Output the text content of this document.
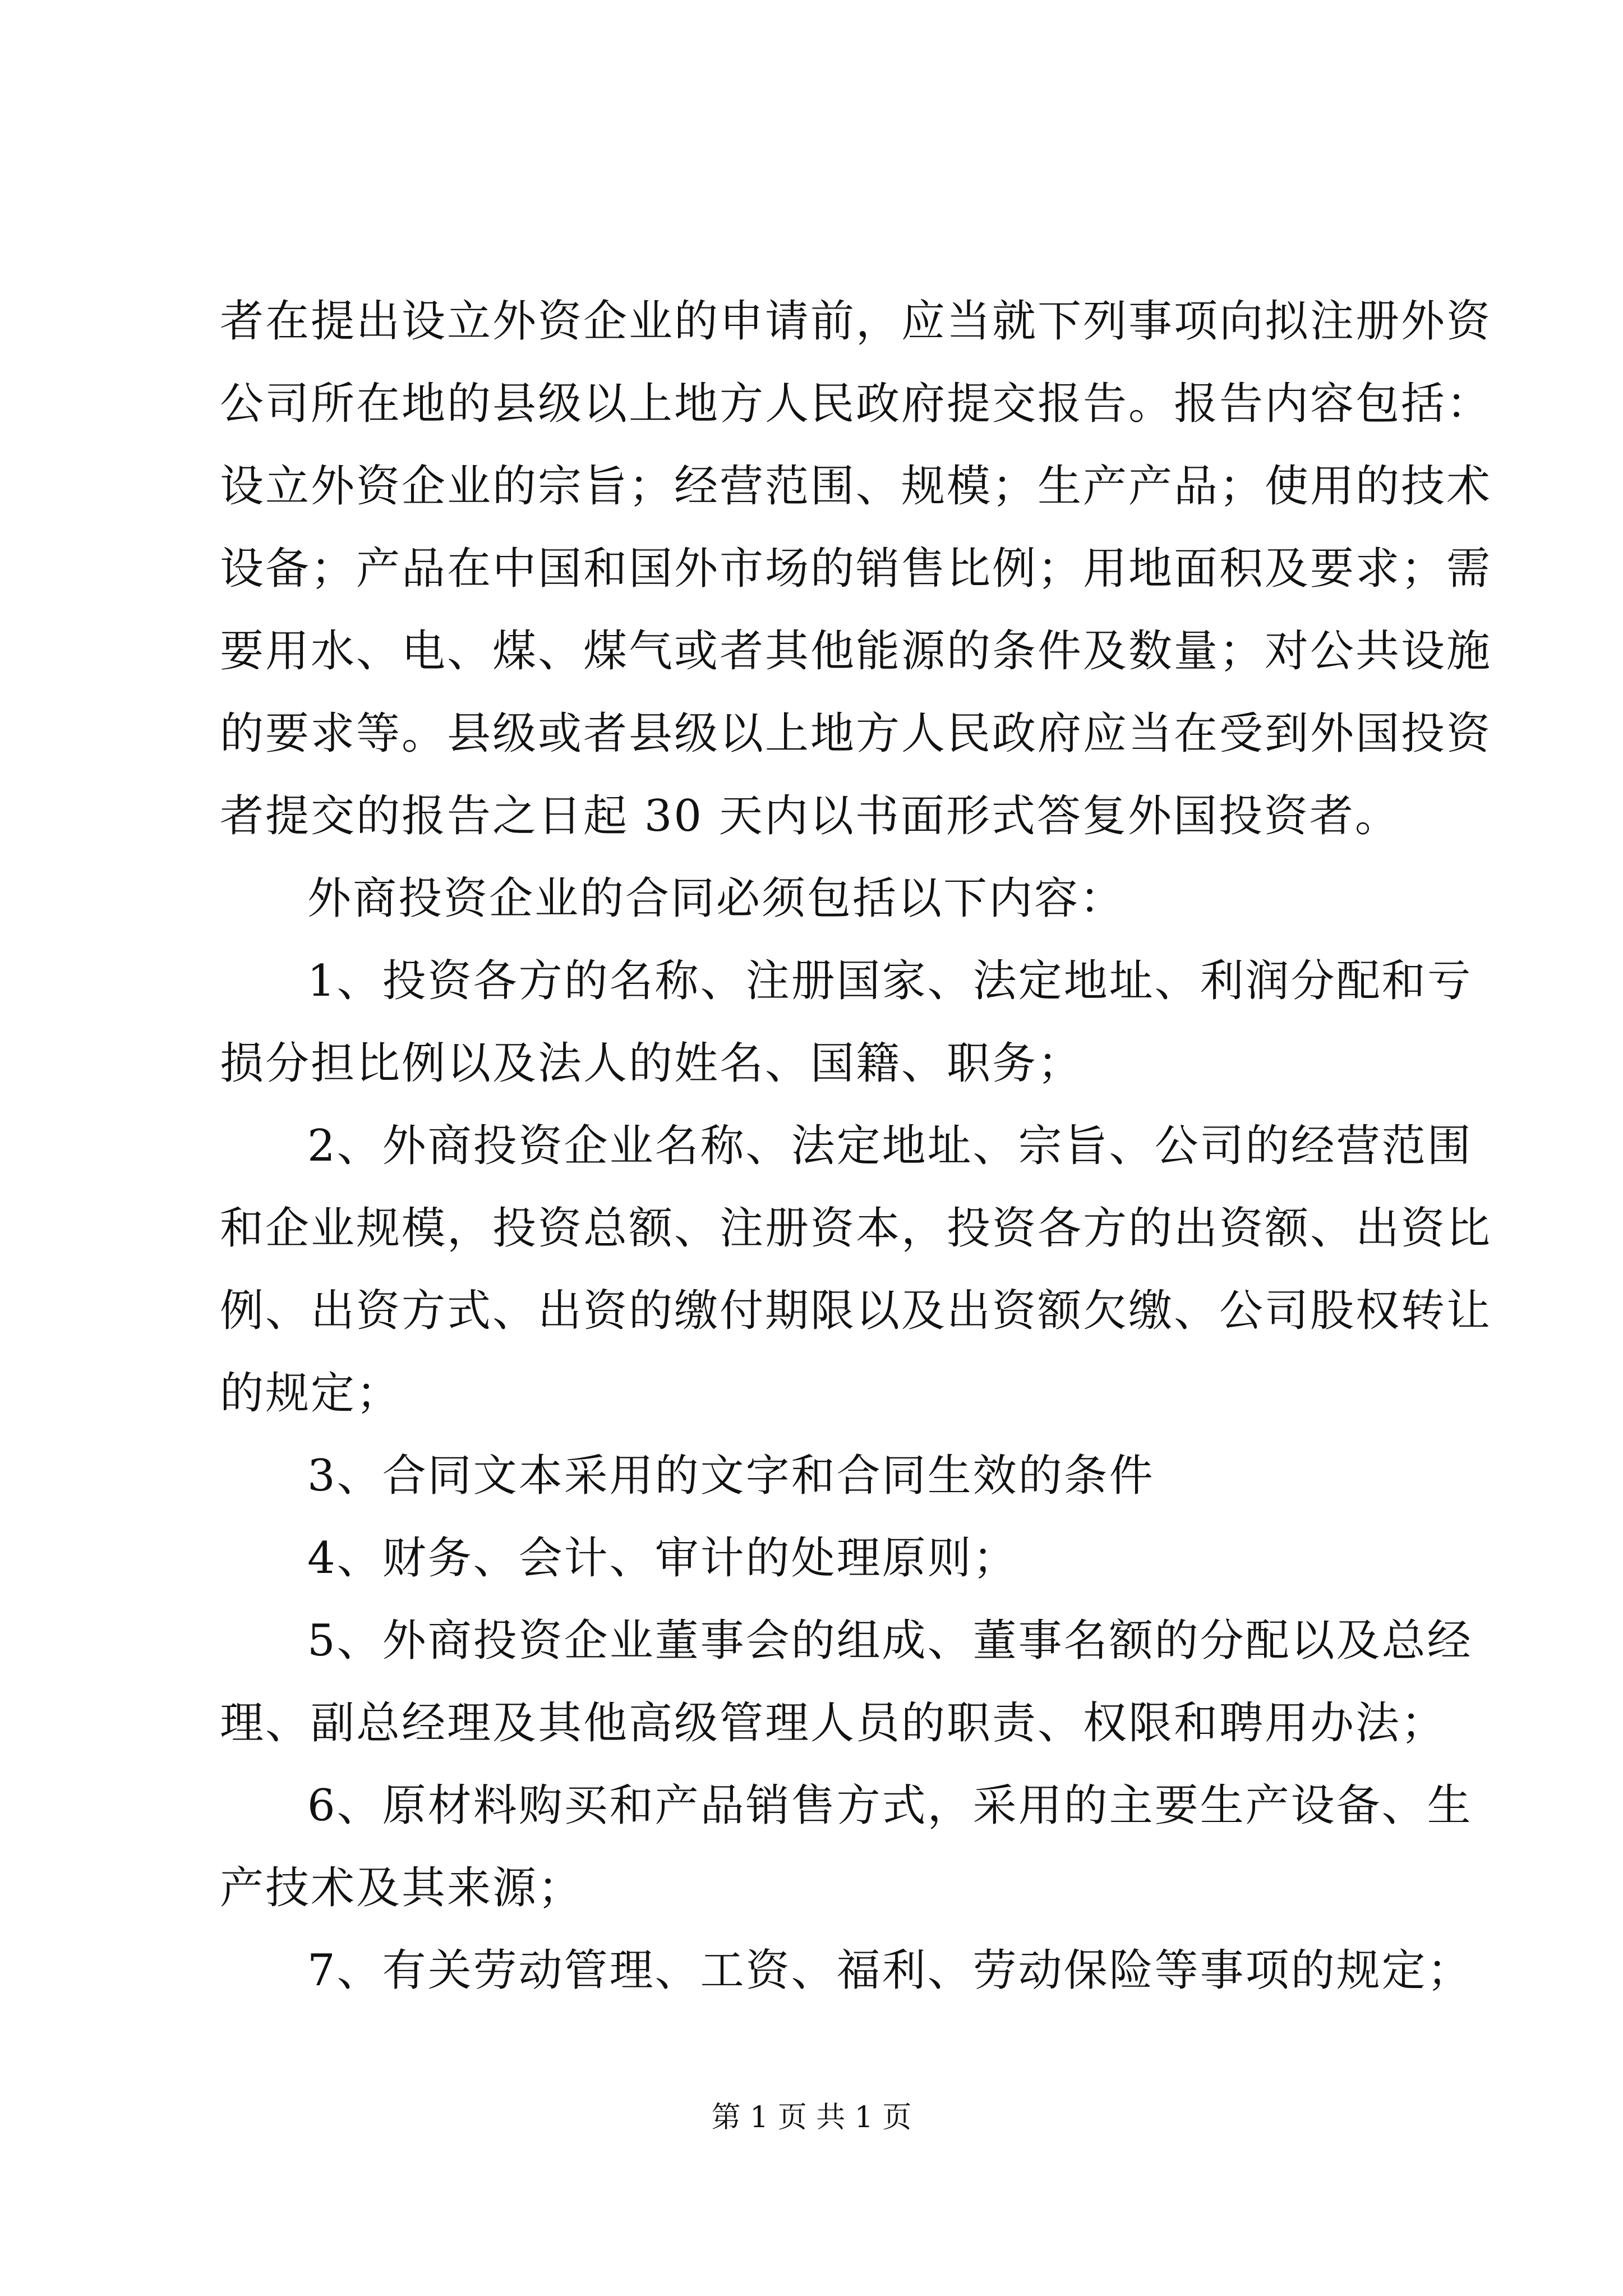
者在提出设立外资企业的申请前，应当就下列事项向拟注册外资
公司所在地的县级以上地方人民政府提交报告。报告内容包括：
设立外资企业的宗旨；经营范围、规模；生产产品；使用的技术
设备；产品在中国和国外市场的销售比例；用地面积及要求；需
要用水、电、煤、煤气或者其他能源的条件及数量；对公共设施
的要求等。县级或者县级以上地方人民政府应当在受到外国投资
者提交的报告之日起 30 天内以书面形式答复外国投资者。
外商投资企业的合同必须包括以下内容：
1、投资各方的名称、注册国家、法定地址、利润分配和亏
损分担比例以及法人的姓名、国籍、职务；
2、外商投资企业名称、法定地址、宗旨、公司的经营范围
和企业规模，投资总额、注册资本，投资各方的出资额、出资比
例、出资方式、出资的缴付期限以及出资额欠缴、公司股权转让
的规定；
3、合同文本采用的文字和合同生效的条件
4、财务、会计、审计的处理原则；
5、外商投资企业董事会的组成、董事名额的分配以及总经
理、副总经理及其他高级管理人员的职责、权限和聘用办法；
6、原材料购买和产品销售方式，采用的主要生产设备、生
产技术及其来源；
7、有关劳动管理、工资、福利、劳动保险等事项的规定；
第 1 页 共 1 页
